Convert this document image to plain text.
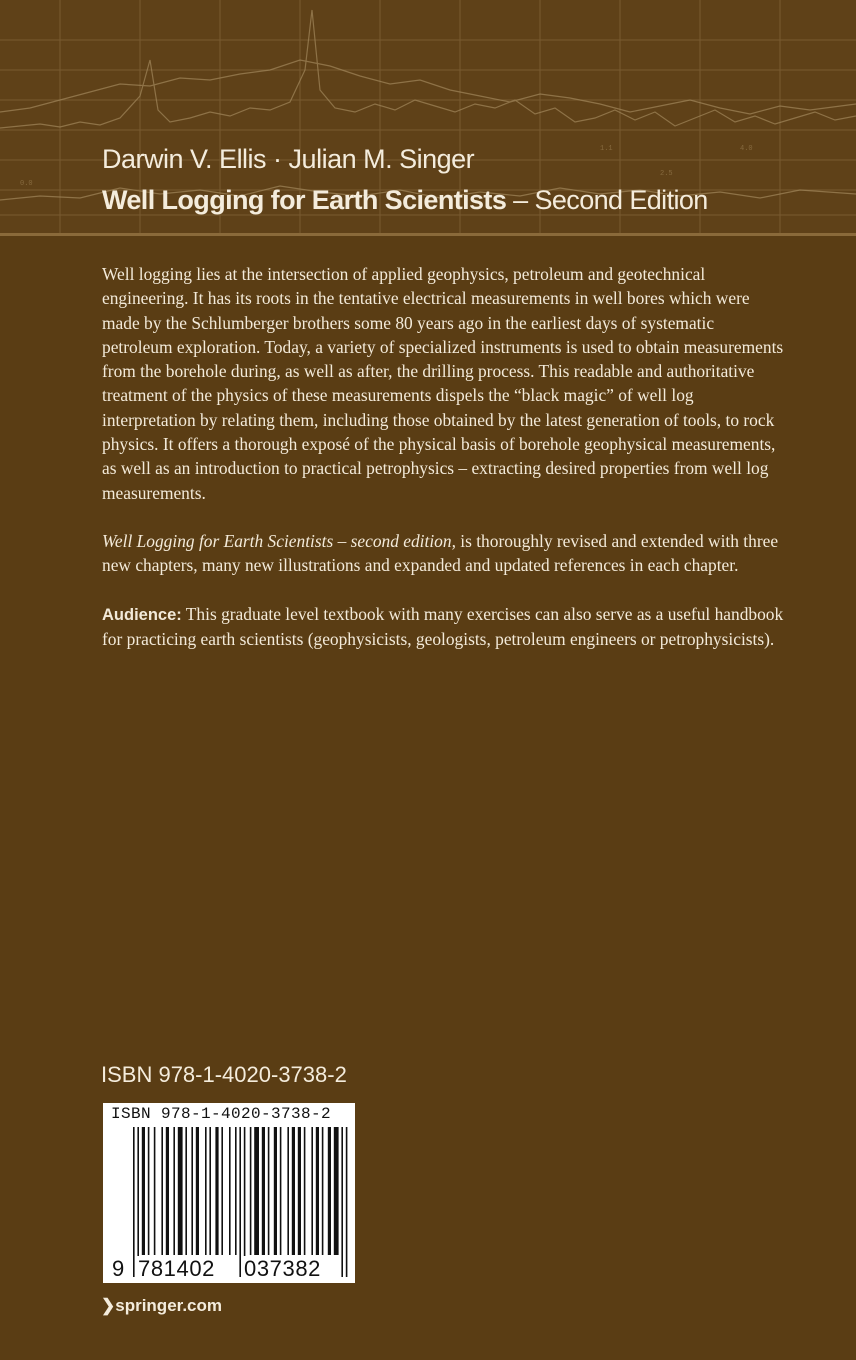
0.0
1.1
2.5
4.0
Darwin V. Ellis · Julian M. Singer
Well Logging for Earth Scientists – Second Edition

Well logging lies at the intersection of applied geophysics, petroleum and geotechnical engineering. It has its roots in the tentative electrical measurements in well bores which were made by the Schlumberger brothers some 80 years ago in the earliest days of systematic petroleum exploration. Today, a variety of specialized instruments is used to obtain measurements from the borehole during, as well as after, the drilling process. This readable and authoritative treatment of the physics of these measurements dispels the “black magic” of well log interpretation by relating them, including those obtained by the latest generation of tools, to rock physics. It offers a thorough exposé of the physical basis of borehole geophysical measurements, as well as an introduction to practical petrophysics – extracting desired properties from well log measurements.

Well Logging for Earth Scientists – second edition, is thoroughly revised and extended with three new chapters, many new illustrations and expanded and updated references in each chapter.

Audience: This graduate level textbook with many exercises can also serve as a useful handbook for practicing earth scientists (geophysicists, geologists, petroleum engineers or petrophysicists).

ISBN 978-1-4020-3738-2
ISBN 978-1-4020-3738-2
9 781402 037382
❯springer.com
